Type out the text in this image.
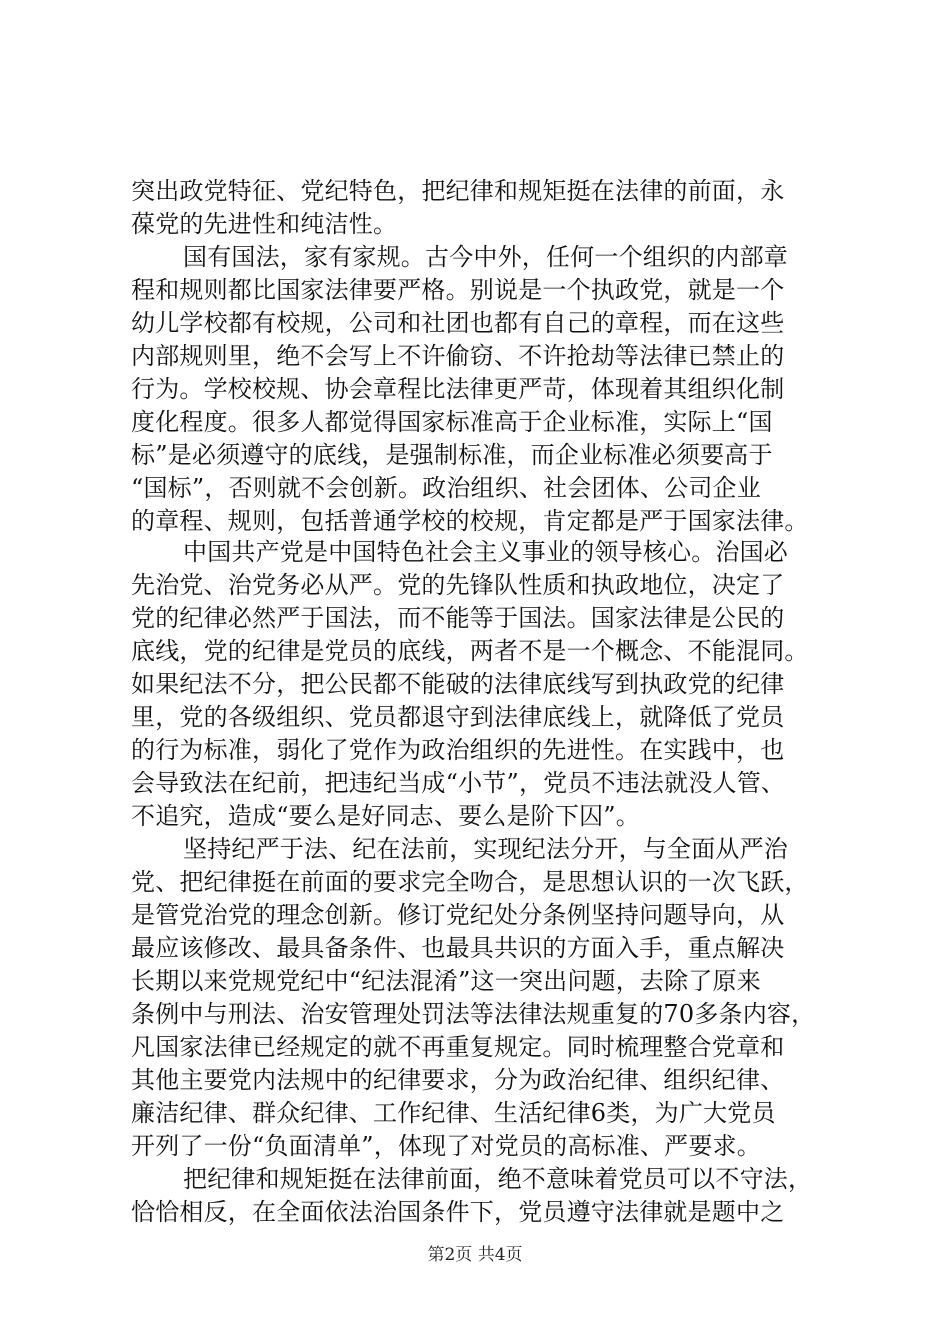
突出政党特征、党纪特色，把纪律和规矩挺在法律的前面，永
葆党的先进性和纯洁性。
国有国法，家有家规。古今中外，任何一个组织的内部章
程和规则都比国家法律要严格。别说是一个执政党，就是一个
幼儿学校都有校规，公司和社团也都有自己的章程，而在这些
内部规则里，绝不会写上不许偷窃、不许抢劫等法律已禁止的
行为。学校校规、协会章程比法律更严苛，体现着其组织化制
度化程度。很多人都觉得国家标准高于企业标准，实际上“国
标”是必须遵守的底线，是强制标准，而企业标准必须要高于
“国标”，否则就不会创新。政治组织、社会团体、公司企业
的章程、规则，包括普通学校的校规，肯定都是严于国家法律。
中国共产党是中国特色社会主义事业的领导核心。治国必
先治党、治党务必从严。党的先锋队性质和执政地位，决定了
党的纪律必然严于国法，而不能等于国法。国家法律是公民的
底线，党的纪律是党员的底线，两者不是一个概念、不能混同。
如果纪法不分，把公民都不能破的法律底线写到执政党的纪律
里，党的各级组织、党员都退守到法律底线上，就降低了党员
的行为标准，弱化了党作为政治组织的先进性。在实践中，也
会导致法在纪前，把违纪当成“小节”，党员不违法就没人管、
不追究，造成“要么是好同志、要么是阶下囚”。
坚持纪严于法、纪在法前，实现纪法分开，与全面从严治
党、把纪律挺在前面的要求完全吻合，是思想认识的一次飞跃，
是管党治党的理念创新。修订党纪处分条例坚持问题导向，从
最应该修改、最具备条件、也最具共识的方面入手，重点解决
长期以来党规党纪中“纪法混淆”这一突出问题，去除了原来
条例中与刑法、治安管理处罚法等法律法规重复的70多条内容，
凡国家法律已经规定的就不再重复规定。同时梳理整合党章和
其他主要党内法规中的纪律要求，分为政治纪律、组织纪律、
廉洁纪律、群众纪律、工作纪律、生活纪律6类，为广大党员
开列了一份“负面清单”，体现了对党员的高标准、严要求。
把纪律和规矩挺在法律前面，绝不意味着党员可以不守法，
恰恰相反，在全面依法治国条件下，党员遵守法律就是题中之
第2页 共4页
